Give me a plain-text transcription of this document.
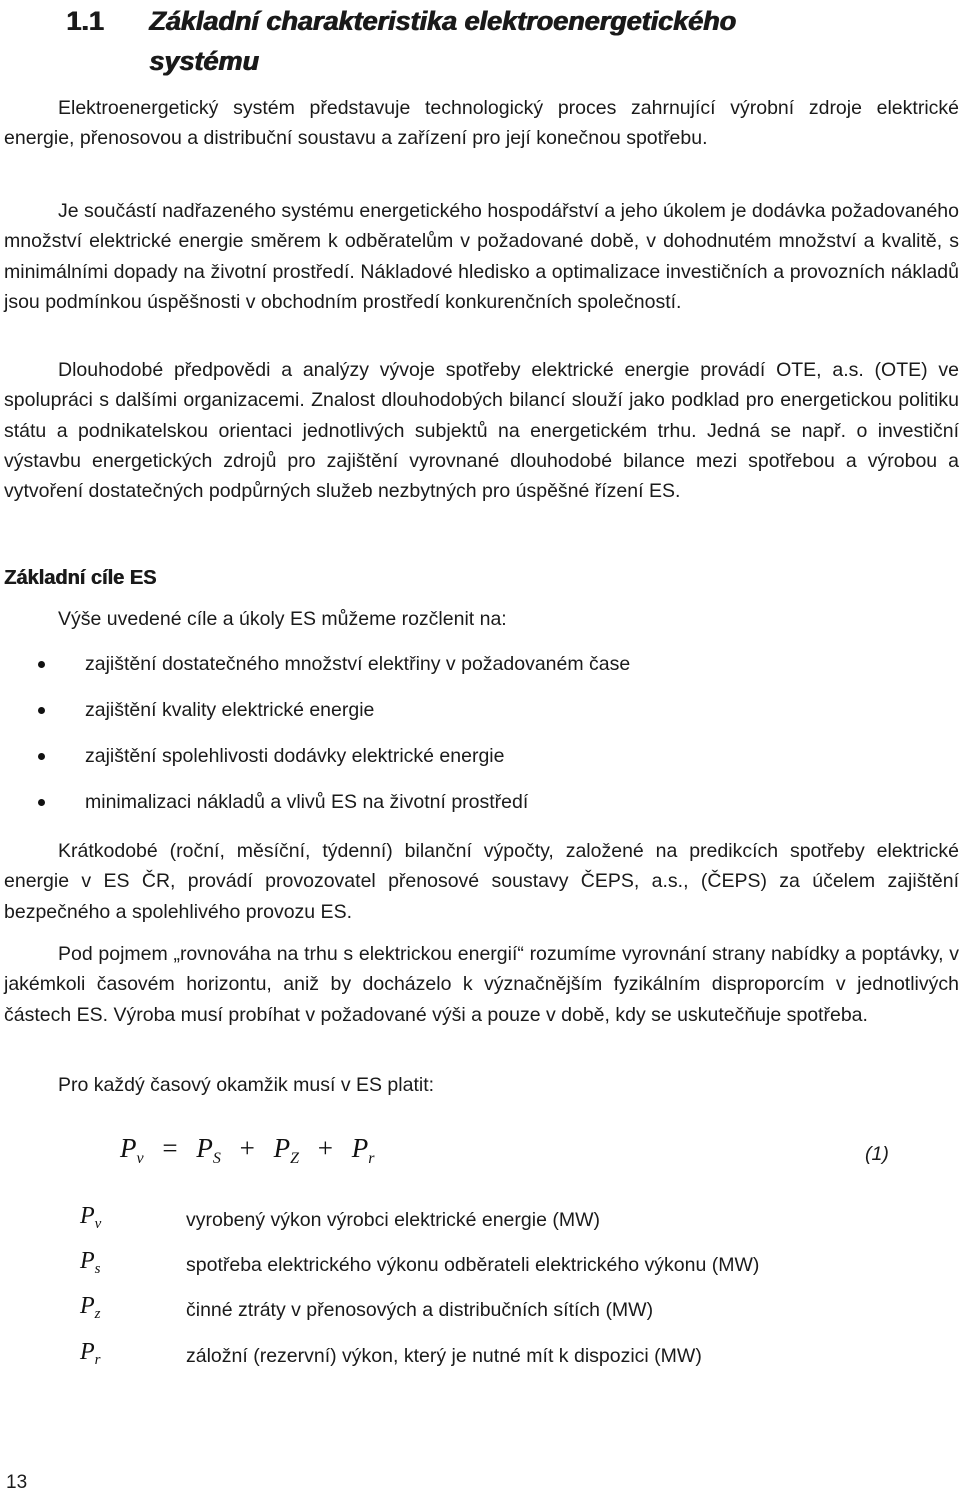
1.1 Základní charakteristika elektroenergetického
systému
Elektroenergetický systém představuje technologický proces zahrnující výrobní zdroje elektrické energie, přenosovou a distribuční soustavu a zařízení pro její konečnou spotřebu.
Je součástí nadřazeného systému energetického hospodářství a jeho úkolem je dodávka požadovaného množství elektrické energie směrem k odběratelům v požadované době, v dohodnutém množství a kvalitě, s minimálními dopady na životní prostředí. Nákladové hledisko a optimalizace investičních a provozních nákladů jsou podmínkou úspěšnosti v obchodním prostředí konkurenčních společností.
Dlouhodobé předpovědi a analýzy vývoje spotřeby elektrické energie provádí OTE, a.s. (OTE) ve spolupráci s dalšími organizacemi. Znalost dlouhodobých bilancí slouží jako podklad pro energetickou politiku státu a podnikatelskou orientaci jednotlivých subjektů na energetickém trhu. Jedná se např. o investiční výstavbu energetických zdrojů pro zajištění vyrovnané dlouhodobé bilance mezi spotřebou a výrobou a vytvoření dostatečných podpůrných služeb nezbytných pro úspěšné řízení ES.
Základní cíle ES
Výše uvedené cíle a úkoly ES můžeme rozčlenit na:
zajištění dostatečného množství elektřiny v požadovaném čase
zajištění kvality elektrické energie
zajištění spolehlivosti dodávky elektrické energie
minimalizaci nákladů a vlivů ES na životní prostředí
Krátkodobé (roční, měsíční, týdenní) bilanční výpočty, založené na predikcích spotřeby elektrické energie v ES ČR, provádí provozovatel přenosové soustavy ČEPS, a.s., (ČEPS) za účelem zajištění bezpečného a spolehlivého provozu ES.
Pod pojmem „rovnováha na trhu s elektrickou energií“ rozumíme vyrovnání strany nabídky a poptávky, v jakémkoli časovém horizontu, aniž by docházelo k význačnějším fyzikálním disproporcím v jednotlivých částech ES. Výroba musí probíhat v požadované výši a pouze v době, kdy se uskutečňuje spotřeba.
Pro každý časový okamžik musí v ES platit:
$P_v = P_S + P_Z + P_r$	(1)
$P_v$	vyrobený výkon výrobci elektrické energie (MW)
$P_s$	spotřeba elektrického výkonu odběrateli elektrického výkonu (MW)
$P_z$	činné ztráty v přenosových a distribučních sítích (MW)
$P_r$	záložní (rezervní) výkon, který je nutné mít k dispozici (MW)
13
